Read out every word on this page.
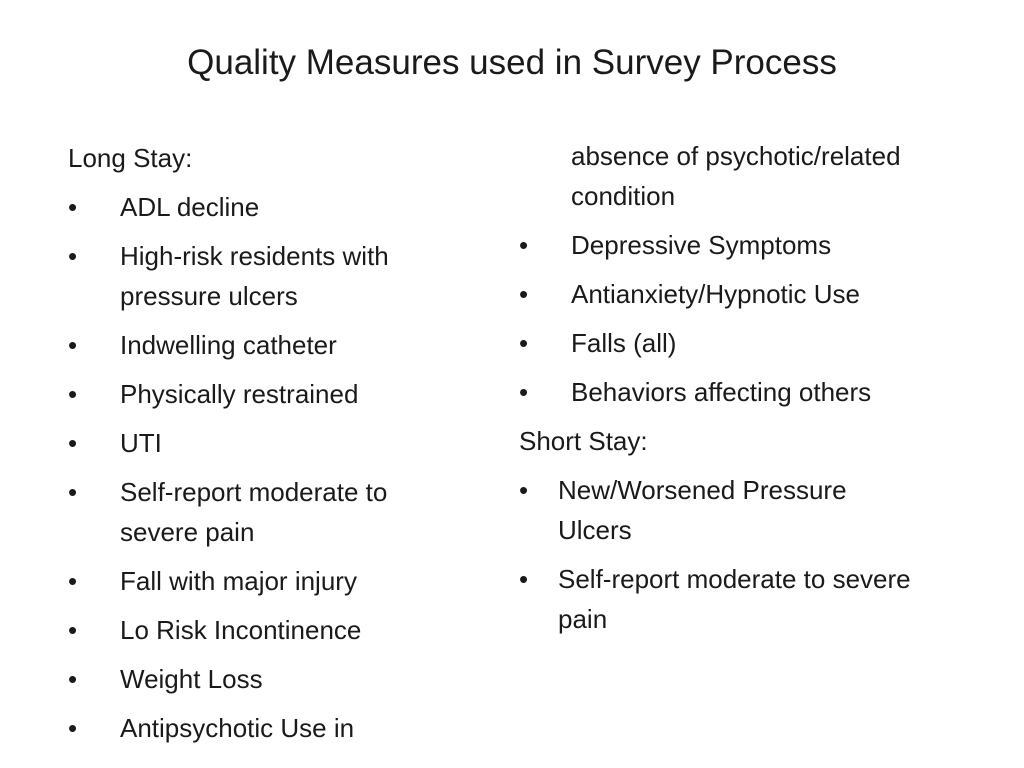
Quality Measures used in Survey Process
Long Stay:
•	ADL decline
•	High-risk residents with pressure ulcers
•	Indwelling catheter
•	Physically restrained
•	UTI
•	Self-report moderate to severe pain
•	Fall with major injury
•	Lo Risk Incontinence
•	Weight Loss
•	Antipsychotic Use in
absence of psychotic/related condition
•	Depressive Symptoms
•	Antianxiety/Hypnotic Use
•	Falls (all)
•	Behaviors affecting others
Short Stay:
•	New/Worsened Pressure Ulcers
•	Self-report moderate to severe pain
